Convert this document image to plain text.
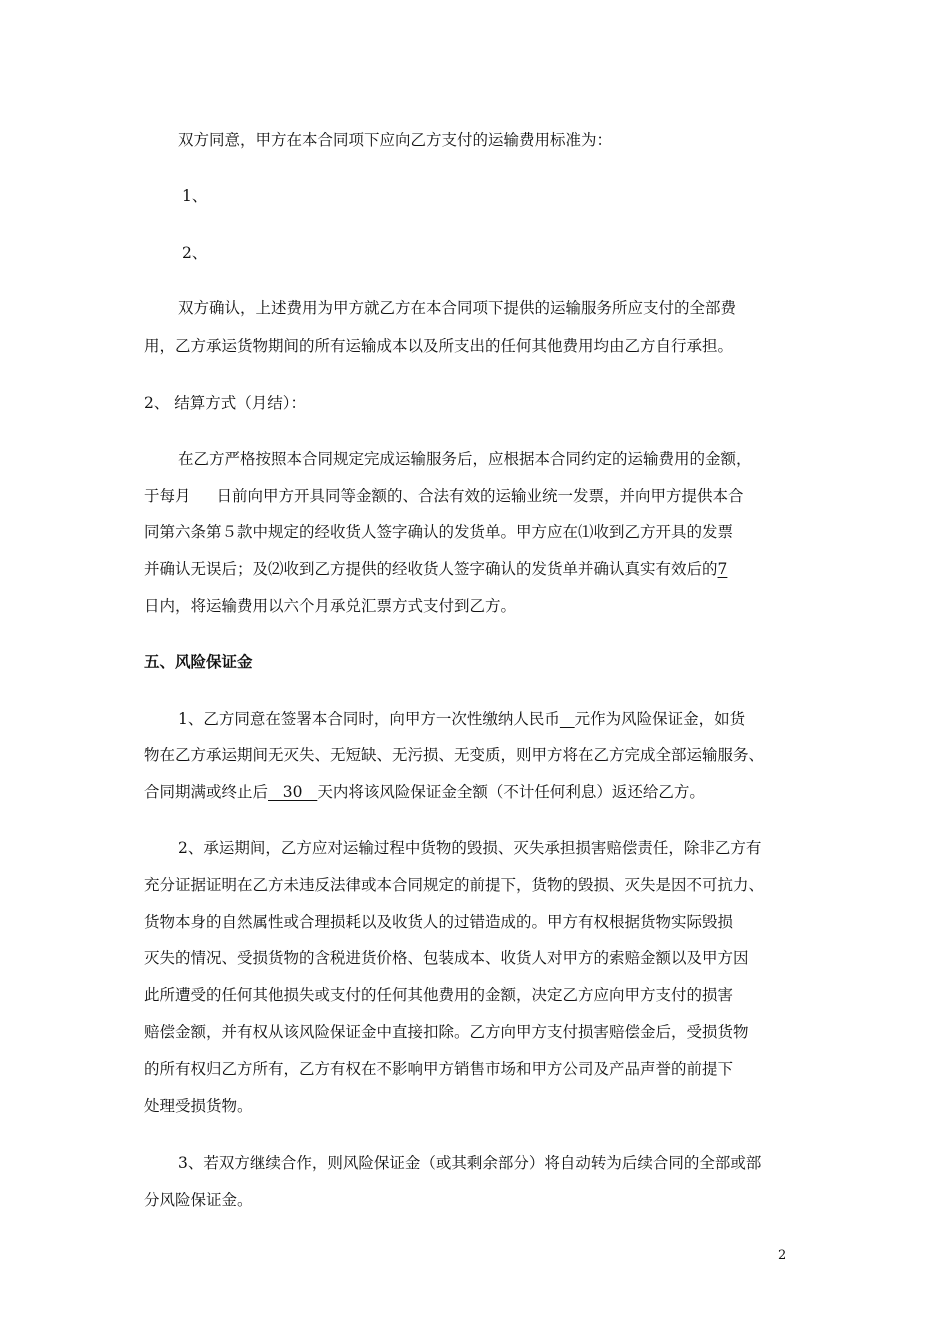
双方同意，甲方在本合同项下应向乙方支付的运输费用标准为：
1、
2、
双方确认，上述费用为甲方就乙方在本合同项下提供的运输服务所应支付的全部费
用，乙方承运货物期间的所有运输成本以及所支出的任何其他费用均由乙方自行承担。
2、 结算方式（月结）：
在乙方严格按照本合同规定完成运输服务后，应根据本合同约定的运输费用的金额，
于每月 日前向甲方开具同等金额的、合法有效的运输业统一发票，并向甲方提供本合
同第六条第５款中规定的经收货人签字确认的发货单。甲方应在⑴收到乙方开具的发票
并确认无误后；及⑵收到乙方提供的经收货人签字确认的发货单并确认真实有效后的7
日内，将运输费用以六个月承兑汇票方式支付到乙方。
五、风险保证金
1、乙方同意在签署本合同时，向甲方一次性缴纳人民币 元作为风险保证金，如货
物在乙方承运期间无灭失、无短缺、无污损、无变质，则甲方将在乙方完成全部运输服务、
合同期满或终止后   30   天内将该风险保证金全额（不计任何利息）返还给乙方。
2、承运期间，乙方应对运输过程中货物的毁损、灭失承担损害赔偿责任，除非乙方有
充分证据证明在乙方未违反法律或本合同规定的前提下，货物的毁损、灭失是因不可抗力、
货物本身的自然属性或合理损耗以及收货人的过错造成的。甲方有权根据货物实际毁损
灭失的情况、受损货物的含税进货价格、包装成本、收货人对甲方的索赔金额以及甲方因
此所遭受的任何其他损失或支付的任何其他费用的金额，决定乙方应向甲方支付的损害
赔偿金额，并有权从该风险保证金中直接扣除。乙方向甲方支付损害赔偿金后，受损货物
的所有权归乙方所有，乙方有权在不影响甲方销售市场和甲方公司及产品声誉的前提下
处理受损货物。
3、若双方继续合作，则风险保证金（或其剩余部分）将自动转为后续合同的全部或部
分风险保证金。
2
